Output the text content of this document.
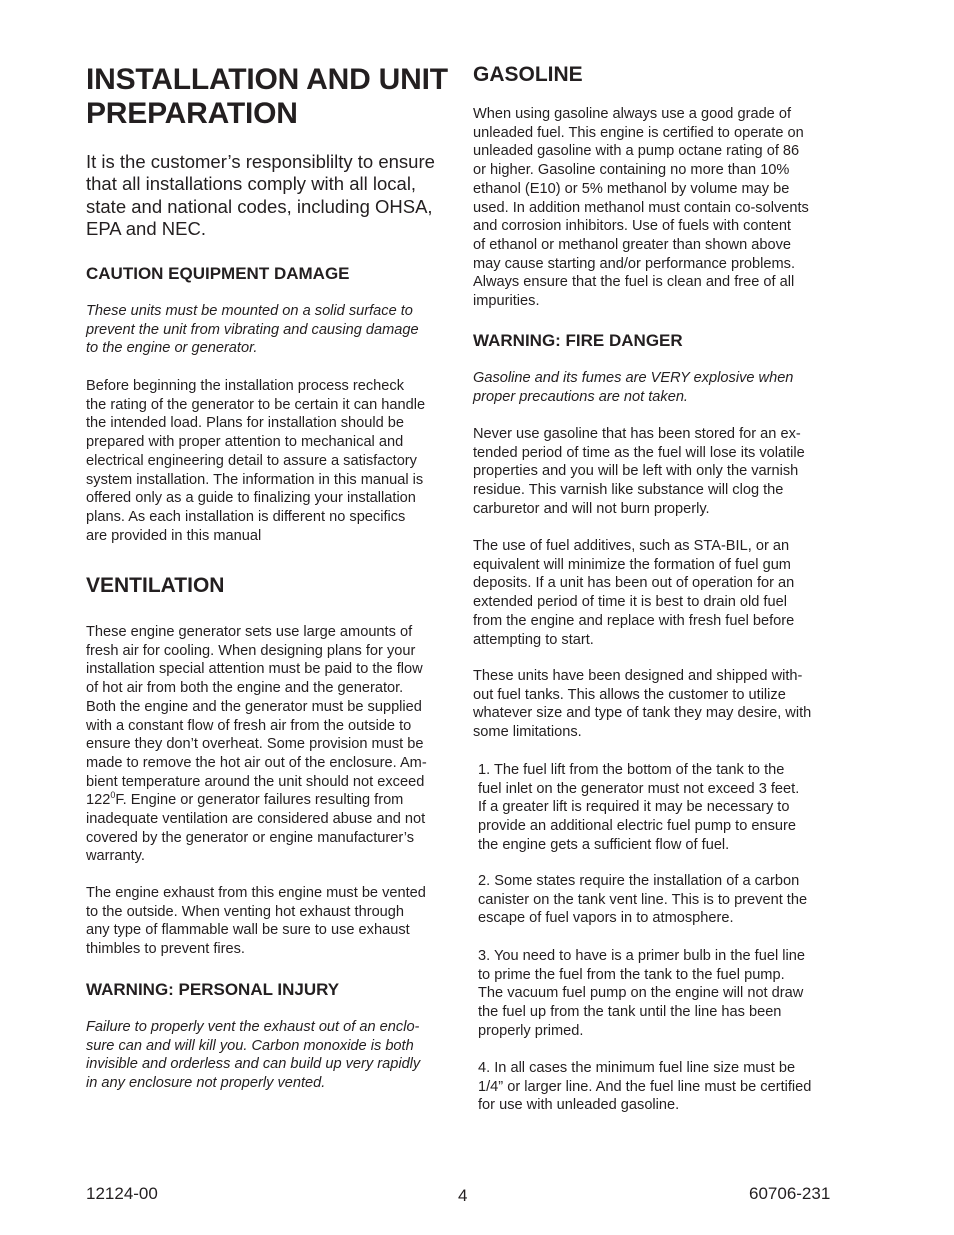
INSTALLATION AND UNIT
PREPARATION

It is the customer’s responsiblilty to ensure
that all installations comply with all local,
state and national codes, including OHSA,
EPA and NEC.

CAUTION EQUIPMENT DAMAGE

These units must be mounted on a solid surface to
prevent the unit from vibrating and causing damage
to the engine or generator.

Before beginning the installation process recheck
the rating of the generator to be certain it can handle
the intended load. Plans for installation should be
prepared with proper attention to mechanical and
electrical engineering detail to assure a satisfactory
system installation. The information in this manual is
offered only as a guide to finalizing your installation
plans. As each installation is different no specifics
are provided in this manual

VENTILATION

These engine generator sets use large amounts of
fresh air for cooling. When designing plans for your
installation special attention must be paid to the flow
of hot air from both the engine and the generator.
Both the engine and the generator must be supplied
with a constant flow of fresh air from the outside to
ensure they don’t overheat. Some provision must be
made to remove the hot air out of the enclosure. Am-
bient temperature around the unit should not exceed
$122^0F$. Engine or generator failures resulting from
inadequate ventilation are considered abuse and not
covered by the generator or engine manufacturer’s
warranty.

The engine exhaust from this engine must be vented
to the outside. When venting hot exhaust through
any type of flammable wall be sure to use exhaust
thimbles to prevent fires.

WARNING: PERSONAL INJURY

Failure to properly vent the exhaust out of an enclo-
sure can and will kill you. Carbon monoxide is both
invisible and orderless and can build up very rapidly
in any enclosure not properly vented.

GASOLINE

When using gasoline always use a good grade of
unleaded fuel. This engine is certified to operate on
unleaded gasoline with a pump octane rating of 86
or higher. Gasoline containing no more than 10%
ethanol (E10) or 5% methanol by volume may be
used. In addition methanol must contain co-solvents
and corrosion inhibitors. Use of fuels with content
of ethanol or methanol greater than shown above
may cause starting and/or performance problems.
Always ensure that the fuel is clean and free of all
impurities.

WARNING: FIRE DANGER

Gasoline and its fumes are VERY explosive when
proper precautions are not taken.

Never use gasoline that has been stored for an ex-
tended period of time as the fuel will lose its volatile
properties and you will be left with only the varnish
residue. This varnish like substance will clog the
carburetor and will not burn properly.

The use of fuel additives, such as STA-BIL, or an
equivalent will minimize the formation of fuel gum
deposits. If a unit has been out of operation for an
extended period of time it is best to drain old fuel
from the engine and replace with fresh fuel before
attempting to start.

These units have been designed and shipped with-
out fuel tanks. This allows the customer to utilize
whatever size and type of tank they may desire, with
some limitations.

1. The fuel lift from the bottom of the tank to the
fuel inlet on the generator must not exceed 3 feet.
If a greater lift is required it may be necessary to
provide an additional electric fuel pump to ensure
the engine gets a sufficient flow of fuel.

2. Some states require the installation of a carbon
canister on the tank vent line. This is to prevent the
escape of fuel vapors in to atmosphere.

3. You need to have is a primer bulb in the fuel line
to prime the fuel from the tank to the fuel pump.
The vacuum fuel pump on the engine will not draw
the fuel up from the tank until the line has been
properly primed.

4. In all cases the minimum fuel line size must be
1/4” or larger line. And the fuel line must be certified
for use with unleaded gasoline.

12124-00	4	60706-231
